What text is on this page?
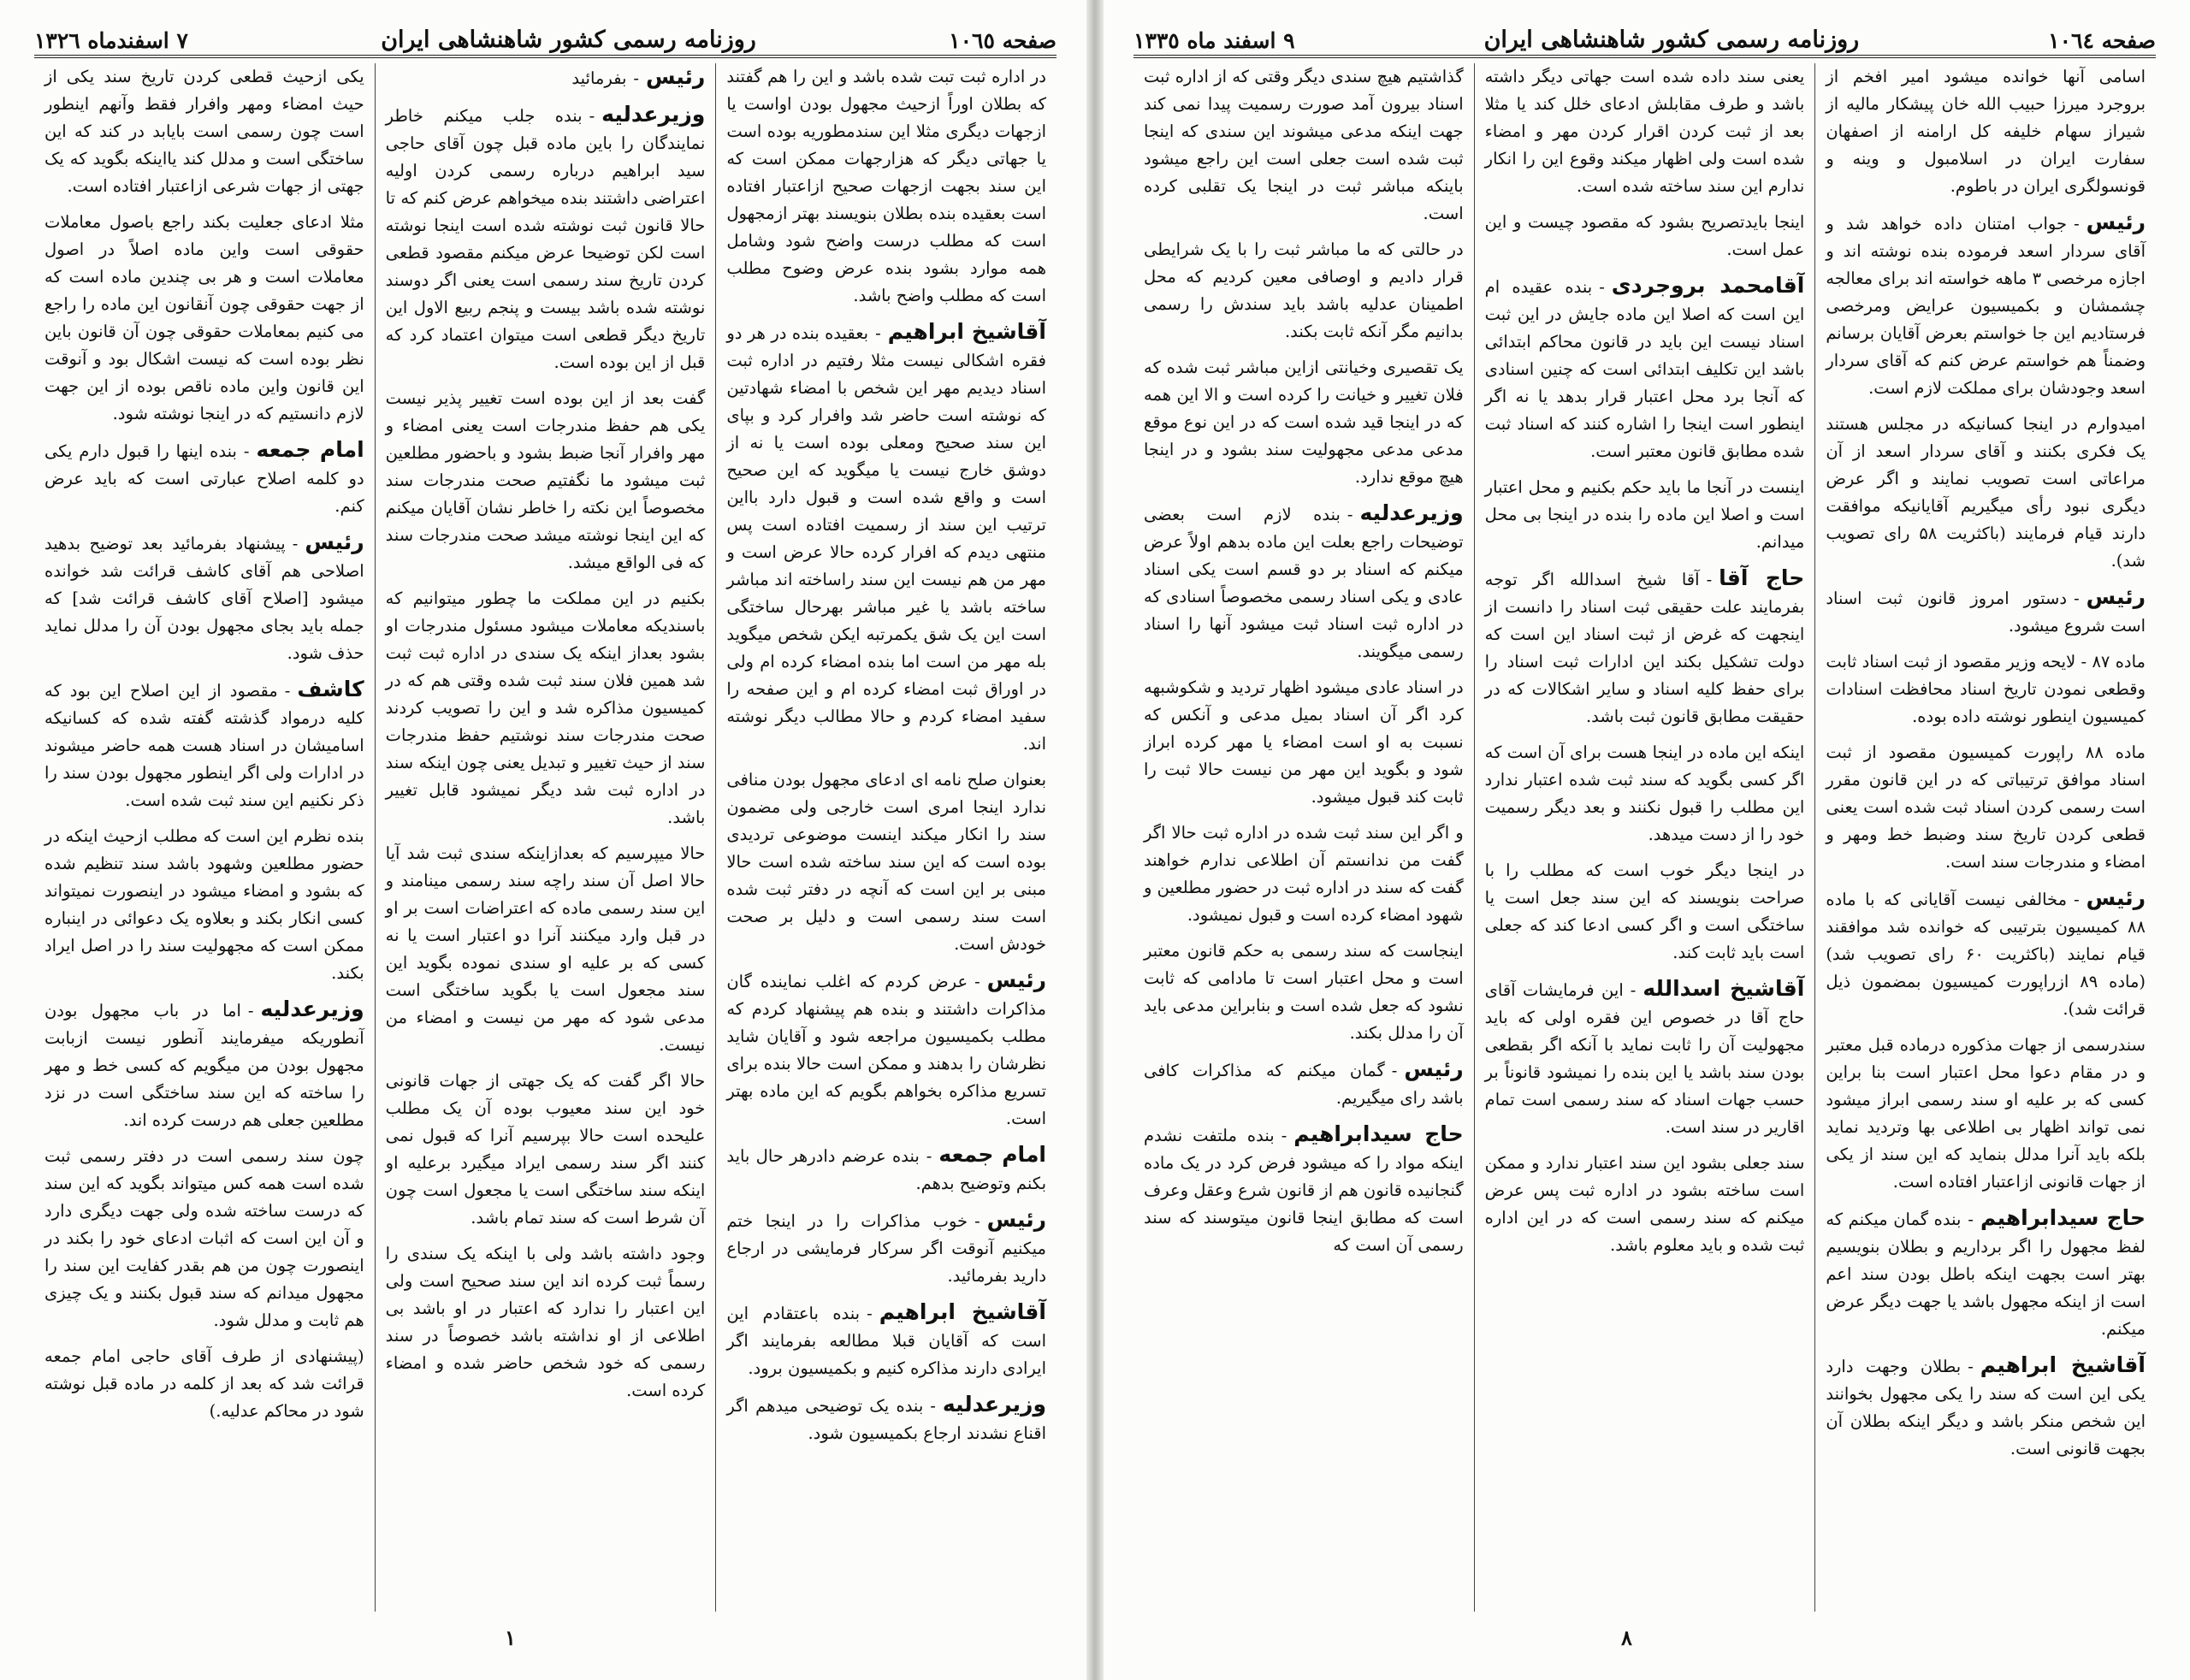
صفحه ١٠٦٥
روزنامه رسمی کشور شاهنشاهی ایران
٧ اسفندماه ١٣٢٦

در اداره ثبت تبت شده باشد و این را هم گفتند که بطلان اوراً ازحیث مجهول بودن اواست یا ازجهات دیگری مثلا این سندمطوریه بوده است یا جهاتی دیگر که هزارجهات ممکن است که این سند بجهت ازجهات صحیح ازاعتبار افتاده است بعقیده بنده بطلان بنویسند بهتر ازمجهول است که مطلب درست واضح شود وشامل همه موارد بشود بنده عرض وضوح مطلب است که مطلب واضح باشد.

آقاشیخ ابراهیم-بعقیده بنده در هر دو فقره اشکالی نیست مثلا رفتیم در اداره ثبت اسناد دیدیم مهر این شخص با امضاء شهادتین که نوشته است حاضر شد وافرار کرد و بپای این سند صحیح ومعلی بوده است یا نه از دوشق خارج نیست یا میگوید که این صحیح است و واقع شده است و قبول دارد بااین ترتیب این سند از رسمیت افتاده است پس منتهی دیدم که افرار کرده حالا عرض است و مهر من هم نیست این سند راساخته اند مباشر ساخته باشد یا غیر مباشر بهرحال ساختگی است این یک شق یکمرتبه ایکن شخص میگوید بله مهر من است اما بنده امضاء کرده ام ولی در اوراق ثبت امضاء کرده ام و این صفحه را سفید امضاء کردم و حالا مطالب دیگر نوشته اند.

بعنوان صلح نامه ای ادعای مجهول بودن منافی ندارد اینجا امری است خارجی ولی مضمون سند را انکار میکند اینست موضوعی تردیدی بوده است که این سند ساخته شده است حالا مبنی بر این است که آنچه در دفتر ثبت شده است سند رسمی است و دلیل بر صحت خودش است.

رئیس-عرض کردم که اغلب نماینده گان مذاکرات داشتند و بنده هم پیشنهاد کردم که مطلب بکمیسیون مراجعه شود و آقایان شاید نظرشان را بدهند و ممکن است حالا بنده برای تسریع مذاکره بخواهم بگویم که این ماده بهتر است.

امام جمعه-بنده عرضم دادرهر حال باید بکنم وتوضیح بدهم.

رئیس-خوب مذاکرات را در اینجا ختم میکنیم آنوقت اگر سرکار فرمایشی در ارجاع دارید بفرمائید.

آقاشیخ ابراهیم-بنده باعتقادم این است که آقایان قبلا مطالعه بفرمایند اگر ایرادی دارند مذاکره کنیم و بکمیسیون برود.

وزیرعدلیه-بنده یک توضیحی میدهم اگر اقناع نشدند ارجاع بکمیسیون شود.

رئیس-بفرمائید

وزیرعدلیه-بنده جلب میکنم خاطر نمایندگان را باین ماده قبل چون آقای حاجی سید ابراهیم درباره رسمی کردن اولیه اعتراضی داشتند بنده میخواهم عرض کنم که تا حالا قانون ثبت نوشته شده است اینجا نوشته است لکن توضیحا عرض میکنم مقصود قطعی کردن تاریخ سند رسمی است یعنی اگر دوسند نوشته شده باشد بیست و پنجم ربیع الاول این تاریخ دیگر قطعی است میتوان اعتماد کرد که قبل از این بوده است.

گفت بعد از این بوده است تغییر پذیر نیست یکی هم حفظ مندرجات است یعنی امضاء و مهر وافرار آنجا ضبط بشود و باحضور مطلعین ثبت میشود ما نگفتیم صحت مندرجات سند مخصوصاً این نکته را خاطر نشان آقایان میکنم که این اینجا نوشته میشد صحت مندرجات سند که فی الواقع میشد.

بکنیم در این مملکت ما چطور میتوانیم که باسندیکه معاملات میشود مسئول مندرجات او بشود بعداز اینکه یک سندی در اداره ثبت ثبت شد همین فلان سند ثبت شده وقتی هم که در کمیسیون مذاکره شد و این را تصویب کردند صحت مندرجات سند نوشتیم حفظ مندرجات سند از حیث تغییر و تبدیل یعنی چون اینکه سند در اداره ثبت شد دیگر نمیشود قابل تغییر باشد.

حالا میپرسیم که بعدازاینکه سندی ثبت شد آیا حالا اصل آن سند راچه سند رسمی مینامند و این سند رسمی ماده که اعتراضات است بر او در قبل وارد میکنند آنرا دو اعتبار است یا نه کسی که بر علیه او سندی نموده بگوید این سند مجعول است یا بگوید ساختگی است مدعی شود که مهر من نیست و امضاء من نیست.

حالا اگر گفت که یک جهتی از جهات قانونی خود این سند معیوب بوده آن یک مطلب علیحده است حالا بپرسیم آنرا که قبول نمی کنند اگر سند رسمی ایراد میگیرد برعلیه او اینکه سند ساختگی است یا مجعول است چون آن شرط است که سند تمام باشد.

وجود داشته باشد ولی با اینکه یک سندی را رسماً ثبت کرده اند این سند صحیح است ولی این اعتبار را ندارد که اعتبار در او باشد بی اطلاعی از او نداشته باشد خصوصاً در سند رسمی که خود شخص حاضر شده و امضاء کرده است.

یکی ازحیث قطعی کردن تاریخ سند یکی از حیث امضاء ومهر وافرار فقط وآنهم اینطور است چون رسمی است بایابد در کند که این ساختگی است و مدلل کند یااینکه بگوید که یک جهتی از جهات شرعی ازاعتبار افتاده است.

مثلا ادعای جعلیت بکند راجع باصول معاملات حقوقی است واین ماده اصلاً در اصول معاملات است و هر بی چندین ماده است که از جهت حقوقی چون آنقانون این ماده را راجع می کنیم بمعاملات حقوقی چون آن قانون باین نظر بوده است که نیست اشکال بود و آنوقت این قانون واین ماده ناقص بوده از این جهت لازم دانستیم که در اینجا نوشته شود.

امام جمعه-بنده اینها را قبول دارم یکی دو کلمه اصلاح عبارتی است که باید عرض کنم.

رئیس-پیشنهاد بفرمائید بعد توضیح بدهید اصلاحی هم آقای کاشف قرائت شد خوانده میشود [اصلاح آقای کاشف قرائت شد] که جمله باید بجای مجهول بودن آن را مدلل نماید حذف شود.

کاشف-مقصود از این اصلاح این بود که کلیه درمواد گذشته گفته شده که کسانیکه اسامیشان در اسناد هست همه حاضر میشوند در ادارات ولی اگر اینطور مجهول بودن سند را ذکر نکنیم این سند ثبت شده است.

بنده نظرم این است که مطلب ازحیث اینکه در حضور مطلعین وشهود باشد سند تنظیم شده که بشود و امضاء میشود در اینصورت نمیتواند کسی انکار بکند و بعلاوه یک دعوائی در اینباره ممکن است که مجهولیت سند را در اصل ایراد بکند.

وزیرعدلیه-اما در باب مجهول بودن آنطوریکه میفرمایند آنطور نیست ازبابت مجهول بودن من میگویم که کسی خط و مهر را ساخته که این سند ساختگی است در نزد مطلعین جعلی هم درست کرده اند.

چون سند رسمی است در دفتر رسمی ثبت شده است همه کس میتواند بگوید که این سند که درست ساخته شده ولی جهت دیگری دارد و آن این است که اثبات ادعای خود را بکند در اینصورت چون من هم بقدر کفایت این سند را مجهول میدانم که سند قبول بکنند و یک چیزی هم ثابت و مدلل شود.

(پیشنهادی از طرف آقای حاجی امام جمعه قرائت شد که بعد از کلمه در ماده قبل نوشته شود در محاکم عدلیه.)

١
صفحه ١٠٦٤
روزنامه رسمی کشور شاهنشاهی ایران
٩ اسفند ماه ١٣٣٥

اسامی آنها خوانده میشود امیر افخم از بروجرد میرزا حبیب الله خان پیشکار مالیه از شیراز سهام خلیفه کل ارامنه از اصفهان سفارت ایران در اسلامبول و وینه و قونسولگری ایران در باطوم.

رئیس-جواب امتنان داده خواهد شد و آقای سردار اسعد فرموده بنده نوشته اند و اجازه مرخصی ٣ ماهه خواسته اند برای معالجه چشمشان و بکمیسیون عرایض ومرخصی فرستادیم این جا خواستم بعرض آقایان برسانم وضمناً هم خواستم عرض کنم که آقای سردار اسعد وجودشان برای مملکت لازم است.

امیدوارم در اینجا کسانیکه در مجلس هستند یک فکری بکنند و آقای سردار اسعد از آن مراعاتی است تصویب نمایند و اگر عرض دیگری نبود رأی میگیریم آقایانیکه موافقت دارند قیام فرمایند (باکثریت ۵۸ رای تصویب شد).

رئیس-دستور امروز قانون ثبت اسناد است شروع میشود.

ماده ۸٧ - لایحه وزیر مقصود از ثبت اسناد ثابت وقطعی نمودن تاریخ اسناد محافظت اسنادات کمیسیون اینطور نوشته داده بوده.

ماده ۸۸ راپورت کمیسیون مقصود از ثبت اسناد موافق ترتیباتی که در این قانون مقرر است رسمی کردن اسناد ثبت شده است یعنی قطعی کردن تاریخ سند وضبط خط ومهر و امضاء و مندرجات سند است.

رئیس-مخالفی نیست آقایانی که با ماده ۸۸ کمیسیون بترتیبی که خوانده شد موافقند قیام نمایند (باکثریت ۶٠ رای تصویب شد) (ماده ٨٩ ازراپورت کمیسیون بمضمون ذیل قرائت شد).

سندرسمی از جهات مذکوره درماده قبل معتبر و در مقام دعوا محل اعتبار است بنا براین کسی که بر علیه او سند رسمی ابراز میشود نمی تواند اظهار بی اطلاعی بها وتردید نماید بلکه باید آنرا مدلل بنماید که این سند از یکی از جهات قانونی ازاعتبار افتاده است.

حاج سیدابراهیم-بنده گمان میکنم که لفظ مجهول را اگر برداریم و بطلان بنویسیم بهتر است بجهت اینکه باطل بودن سند اعم است از اینکه مجهول باشد یا جهت دیگر عرض میکنم.

آقاشیخ ابراهیم-بطلان وجهت دارد یکی این است که سند را یکی مجهول بخوانند این شخص منکر باشد و دیگر اینکه بطلان آن بجهت قانونی است.

یعنی سند داده شده است جهاتی دیگر داشته باشد و طرف مقابلش ادعای خلل کند یا مثلا بعد از ثبت کردن اقرار کردن مهر و امضاء شده است ولی اظهار میکند وقوع این را انکار ندارم این سند ساخته شده است.

اینجا بایدتصریح بشود که مقصود چیست و این عمل است.

آقامحمد بروجردی-بنده عقیده ام این است که اصلا این ماده جایش در این ثبت اسناد نیست این باید در قانون محاکم ابتدائی باشد این تکلیف ابتدائی است که چنین اسنادی که آنجا برد محل اعتبار قرار بدهد یا نه اگر اینطور است اینجا را اشاره کنند که اسناد ثبت شده مطابق قانون معتبر است.

اینست در آنجا ما باید حکم بکنیم و محل اعتبار است و اصلا این ماده را بنده در اینجا بی محل میدانم.

حاج آقا-آقا شیخ اسدالله اگر توجه بفرمایند علت حقیقی ثبت اسناد را دانست از اینجهت که غرض از ثبت اسناد این است که دولت تشکیل بکند این ادارات ثبت اسناد را برای حفظ کلیه اسناد و سایر اشکالات که در حقیقت مطابق قانون ثبت باشد.

اینکه این ماده در اینجا هست برای آن است که اگر کسی بگوید که سند ثبت شده اعتبار ندارد این مطلب را قبول نکنند و بعد دیگر رسمیت خود را از دست میدهد.

در اینجا دیگر خوب است که مطلب را با صراحت بنویسند که این سند جعل است یا ساختگی است و اگر کسی ادعا کند که جعلی است باید ثابت کند.

آقاشیخ اسدالله-این فرمایشات آقای حاج آقا در خصوص این فقره اولی که باید مجهولیت آن را ثابت نماید با آنکه اگر بقطعی بودن سند باشد یا این بنده را نمیشود قانوناً بر حسب جهات اسناد که سند رسمی است تمام اقاریر در سند است.

سند جعلی بشود این سند اعتبار ندارد و ممکن است ساخته بشود در اداره ثبت پس عرض میکنم که سند رسمی است که در این اداره ثبت شده و باید معلوم باشد.

گذاشتیم هیچ سندی دیگر وقتی که از اداره ثبت اسناد بیرون آمد صورت رسمیت پیدا نمی کند جهت اینکه مدعی میشوند این سندی که اینجا ثبت شده است جعلی است این راجع میشود باینکه مباشر ثبت در اینجا یک تقلبی کرده است.

در حالتی که ما مباشر ثبت را با یک شرایطی قرار دادیم و اوصافی معین کردیم که محل اطمینان عدلیه باشد باید سندش را رسمی بدانیم مگر آنکه ثابت بکند.

یک تقصیری وخیانتی ازاین مباشر ثبت شده که فلان تغییر و خیانت را کرده است و الا این همه که در اینجا قید شده است که در این نوع موقع مدعی مدعی مجهولیت سند بشود و در اینجا هیچ موقع ندارد.

وزیرعدلیه-بنده لازم است بعضی توضیحات راجع بعلت این ماده بدهم اولاً عرض میکنم که اسناد بر دو قسم است یکی اسناد عادی و یکی اسناد رسمی مخصوصاً اسنادی که در اداره ثبت اسناد ثبت میشود آنها را اسناد رسمی میگویند.

در اسناد عادی میشود اظهار تردید و شکوشبهه کرد اگر آن اسناد بمیل مدعی و آنکس که نسبت به او است امضاء یا مهر کرده ابراز شود و بگوید این مهر من نیست حالا ثبت را ثابت کند قبول میشود.

و اگر این سند ثبت شده در اداره ثبت حالا اگر گفت من ندانستم آن اطلاعی ندارم خواهند گفت که سند در اداره ثبت در حضور مطلعین و شهود امضاء کرده است و قبول نمیشود.

اینجاست که سند رسمی به حکم قانون معتبر است و محل اعتبار است تا مادامی که ثابت نشود که جعل شده است و بنابراین مدعی باید آن را مدلل بکند.

رئیس-گمان میکنم که مذاکرات کافی باشد رای میگیریم.

حاج سیدابراهیم-بنده ملتفت نشدم اینکه مواد را که میشود فرض کرد در یک ماده گنجانیده قانون هم از قانون شرع وعقل وعرف است که مطابق اینجا قانون میتوسند که سند رسمی آن است که

٨
